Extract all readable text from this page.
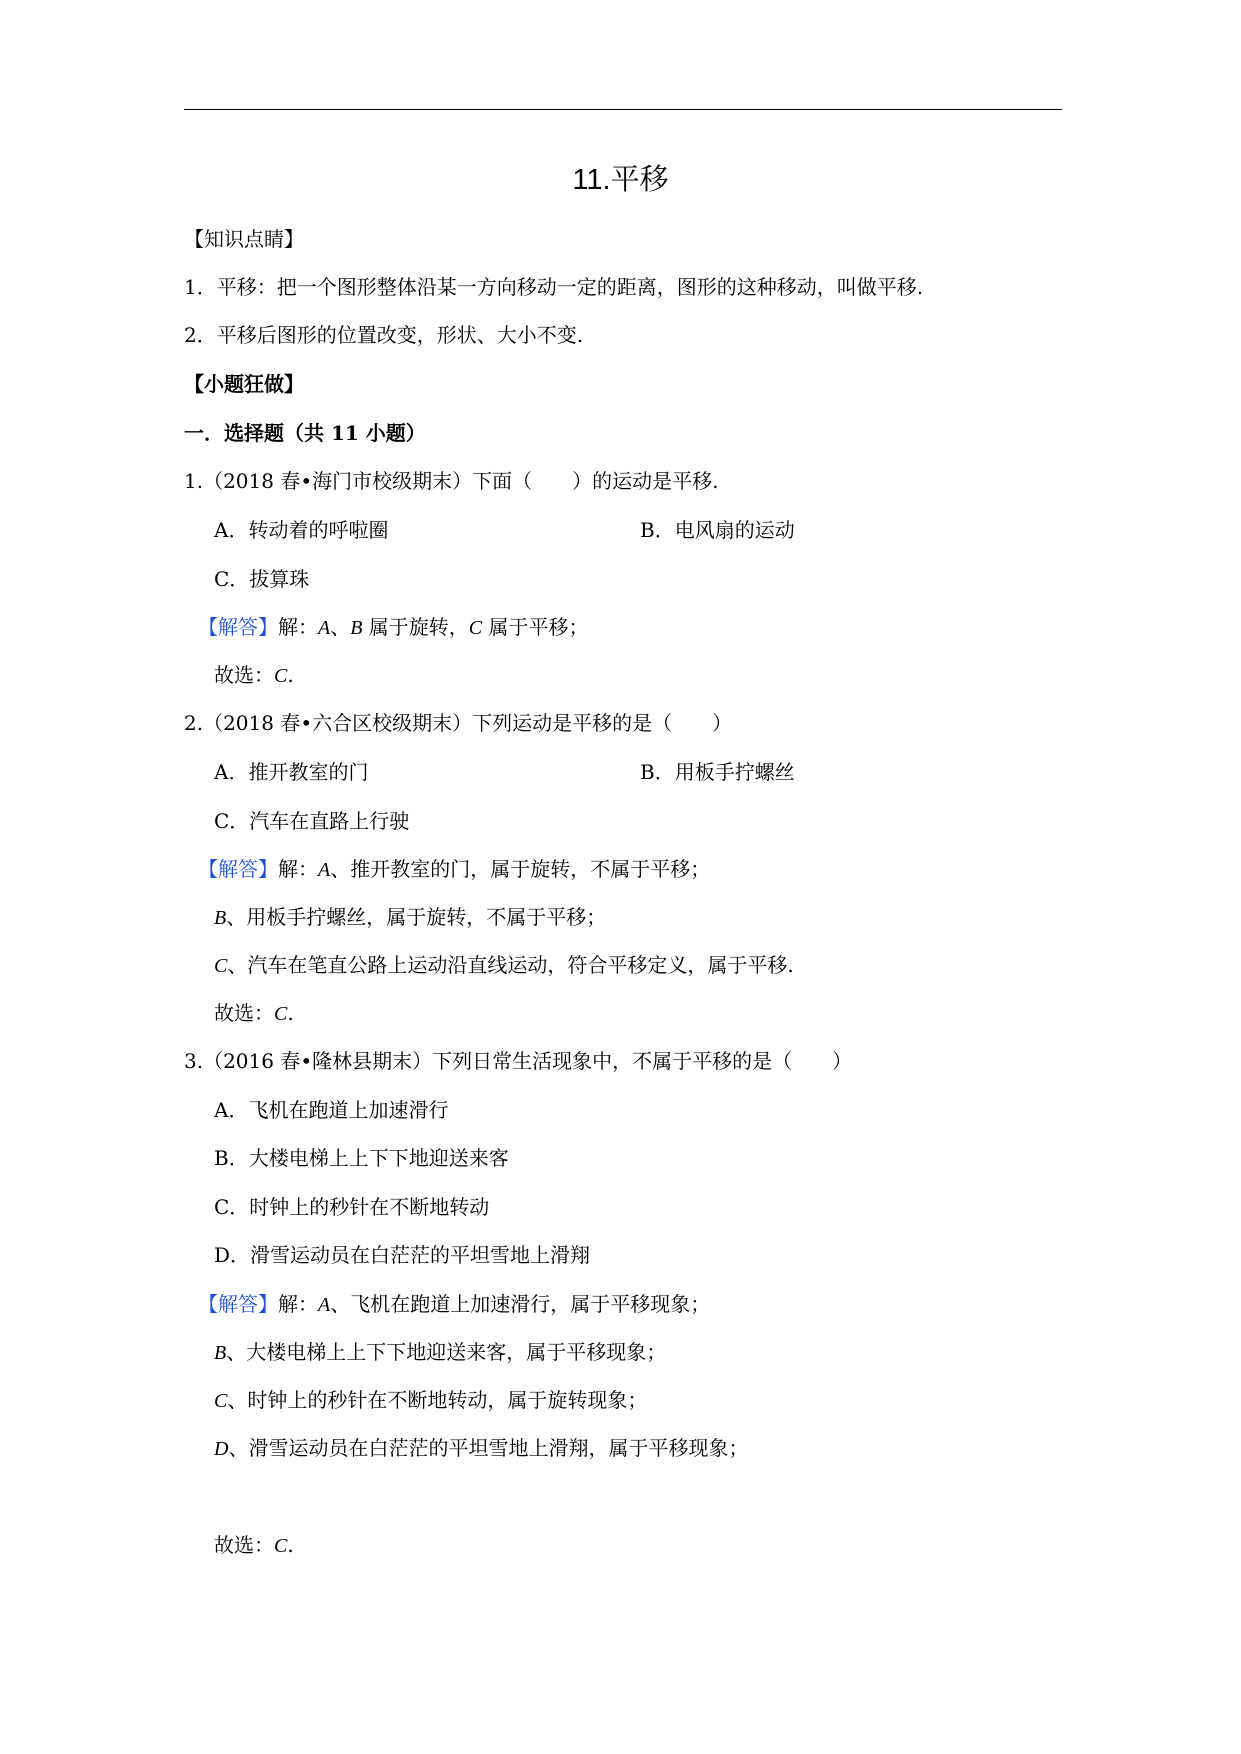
11.平移
【知识点睛】
1．平移：把一个图形整体沿某一方向移动一定的距离，图形的这种移动，叫做平移.
2．平移后图形的位置改变，形状、大小不变.
【小题狂做】
一．选择题（共 11 小题）
1.（2018 春•海门市校级期末）下面（　　）的运动是平移.
A．转动着的呼啦圈	B．电风扇的运动
C．拔算珠
【解答】解：A、B 属于旋转，C 属于平移；
故选：C.
2.（2018 春•六合区校级期末）下列运动是平移的是（　　）
A．推开教室的门	B．用板手拧螺丝
C．汽车在直路上行驶
【解答】解：A、推开教室的门，属于旋转，不属于平移；
B、用板手拧螺丝，属于旋转，不属于平移；
C、汽车在笔直公路上运动沿直线运动，符合平移定义，属于平移.
故选：C.
3.（2016 春•隆林县期末）下列日常生活现象中，不属于平移的是（　　）
A．飞机在跑道上加速滑行
B．大楼电梯上上下下地迎送来客
C．时钟上的秒针在不断地转动
D．滑雪运动员在白茫茫的平坦雪地上滑翔
【解答】解：A、飞机在跑道上加速滑行，属于平移现象；
B、大楼电梯上上下下地迎送来客，属于平移现象；
C、时钟上的秒针在不断地转动，属于旋转现象；
D、滑雪运动员在白茫茫的平坦雪地上滑翔，属于平移现象；
故选：C.
